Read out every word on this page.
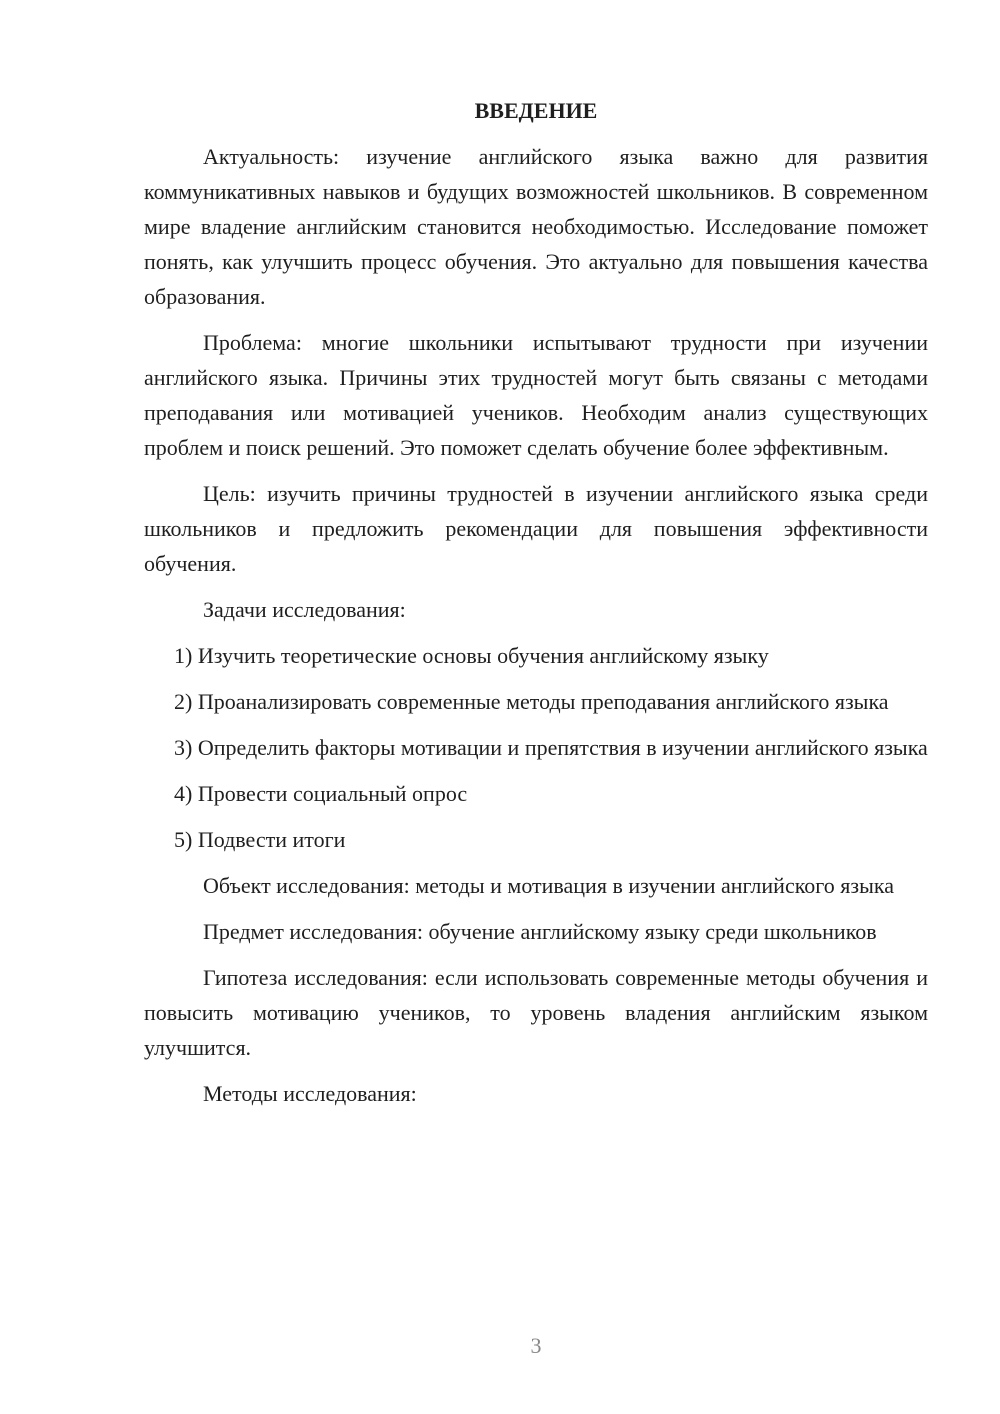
ВВЕДЕНИЕ

Актуальность: изучение английского языка важно для развития коммуникативных навыков и будущих возможностей школьников. В современном мире владение английским становится необходимостью. Исследование поможет понять, как улучшить процесс обучения. Это актуально для повышения качества образования.

Проблема: многие школьники испытывают трудности при изучении английского языка. Причины этих трудностей могут быть связаны с методами преподавания или мотивацией учеников. Необходим анализ существующих проблем и поиск решений. Это поможет сделать обучение более эффективным.

Цель: изучить причины трудностей в изучении английского языка среди школьников и предложить рекомендации для повышения эффективности обучения.

Задачи исследования:

1) Изучить теоретические основы обучения английскому языку

2) Проанализировать современные методы преподавания английского языка

3) Определить факторы мотивации и препятствия в изучении английского языка

4) Провести социальный опрос

5) Подвести итоги

Объект исследования: методы и мотивация в изучении английского языка

Предмет исследования: обучение английскому языку среди школьников

Гипотеза исследования: если использовать современные методы обучения и повысить мотивацию учеников, то уровень владения английским языком улучшится.

Методы исследования:

3
